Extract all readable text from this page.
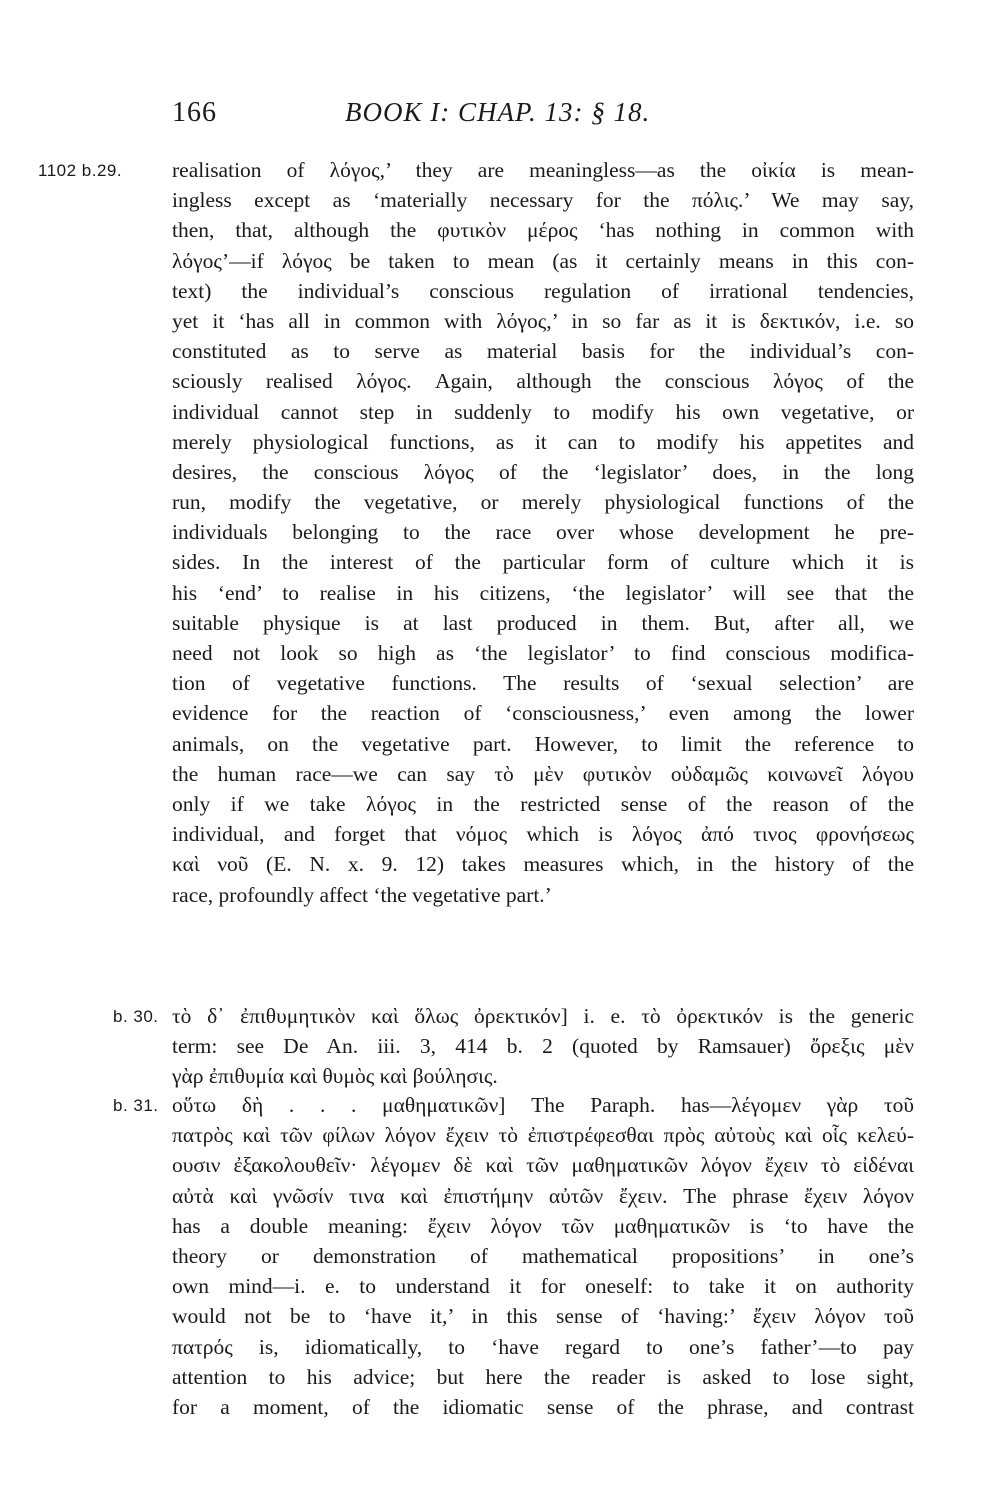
166	BOOK I: CHAP. 13: § 18.
1102 b.29. realisation of λόγος,’ they are meaningless—as the οἰκία is mean-
ingless except as ‘materially necessary for the πόλις.’ We may say,
then, that, although the φυτικὸν μέρος ‘has nothing in common with
λόγος’—if λόγος be taken to mean (as it certainly means in this con-
text) the individual’s conscious regulation of irrational tendencies,
yet it ‘has all in common with λόγος,’ in so far as it is δεκτικόν, i.e. so
constituted as to serve as material basis for the individual’s con-
sciously realised λόγος. Again, although the conscious λόγος of the
individual cannot step in suddenly to modify his own vegetative, or
merely physiological functions, as it can to modify his appetites and
desires, the conscious λόγος of the ‘legislator’ does, in the long
run, modify the vegetative, or merely physiological functions of the
individuals belonging to the race over whose development he pre-
sides. In the interest of the particular form of culture which it is
his ‘end’ to realise in his citizens, ‘the legislator’ will see that the
suitable physique is at last produced in them. But, after all, we
need not look so high as ‘the legislator’ to find conscious modifica-
tion of vegetative functions. The results of ‘sexual selection’ are
evidence for the reaction of ‘consciousness,’ even among the lower
animals, on the vegetative part. However, to limit the reference to
the human race—we can say τὸ μὲν φυτικὸν οὐδαμῶς κοινωνεῖ λόγου
only if we take λόγος in the restricted sense of the reason of the
individual, and forget that νόμος which is λόγος ἀπό τινος φρονήσεως
καὶ νοῦ (E. N. x. 9. 12) takes measures which, in the history of the
race, profoundly affect ‘the vegetative part.’
b. 30. τὸ δ᾽ ἐπιθυμητικὸν καὶ ὅλως ὀρεκτικόν] i. e. τὸ ὀρεκτικόν is the generic
term: see De An. iii. 3, 414 b. 2 (quoted by Ramsauer) ὄρεξις μὲν
γὰρ ἐπιθυμία καὶ θυμὸς καὶ βούλησις.
b. 31. οὕτω δὴ . . . μαθηματικῶν] The Paraph. has—λέγομεν γὰρ τοῦ
πατρὸς καὶ τῶν φίλων λόγον ἔχειν τὸ ἐπιστρέφεσθαι πρὸς αὐτοὺς καὶ οἷς κελεύ-
ουσιν ἐξακολουθεῖν· λέγομεν δὲ καὶ τῶν μαθηματικῶν λόγον ἔχειν τὸ εἰδέναι
αὐτὰ καὶ γνῶσίν τινα καὶ ἐπιστήμην αὐτῶν ἔχειν. The phrase ἔχειν λόγον
has a double meaning: ἔχειν λόγον τῶν μαθηματικῶν is ‘to have the
theory or demonstration of mathematical propositions’ in one’s
own mind—i. e. to understand it for oneself: to take it on authority
would not be to ‘have it,’ in this sense of ‘having:’ ἔχειν λόγον τοῦ
πατρός is, idiomatically, to ‘have regard to one’s father’—to pay
attention to his advice; but here the reader is asked to lose sight,
for a moment, of the idiomatic sense of the phrase, and contrast
